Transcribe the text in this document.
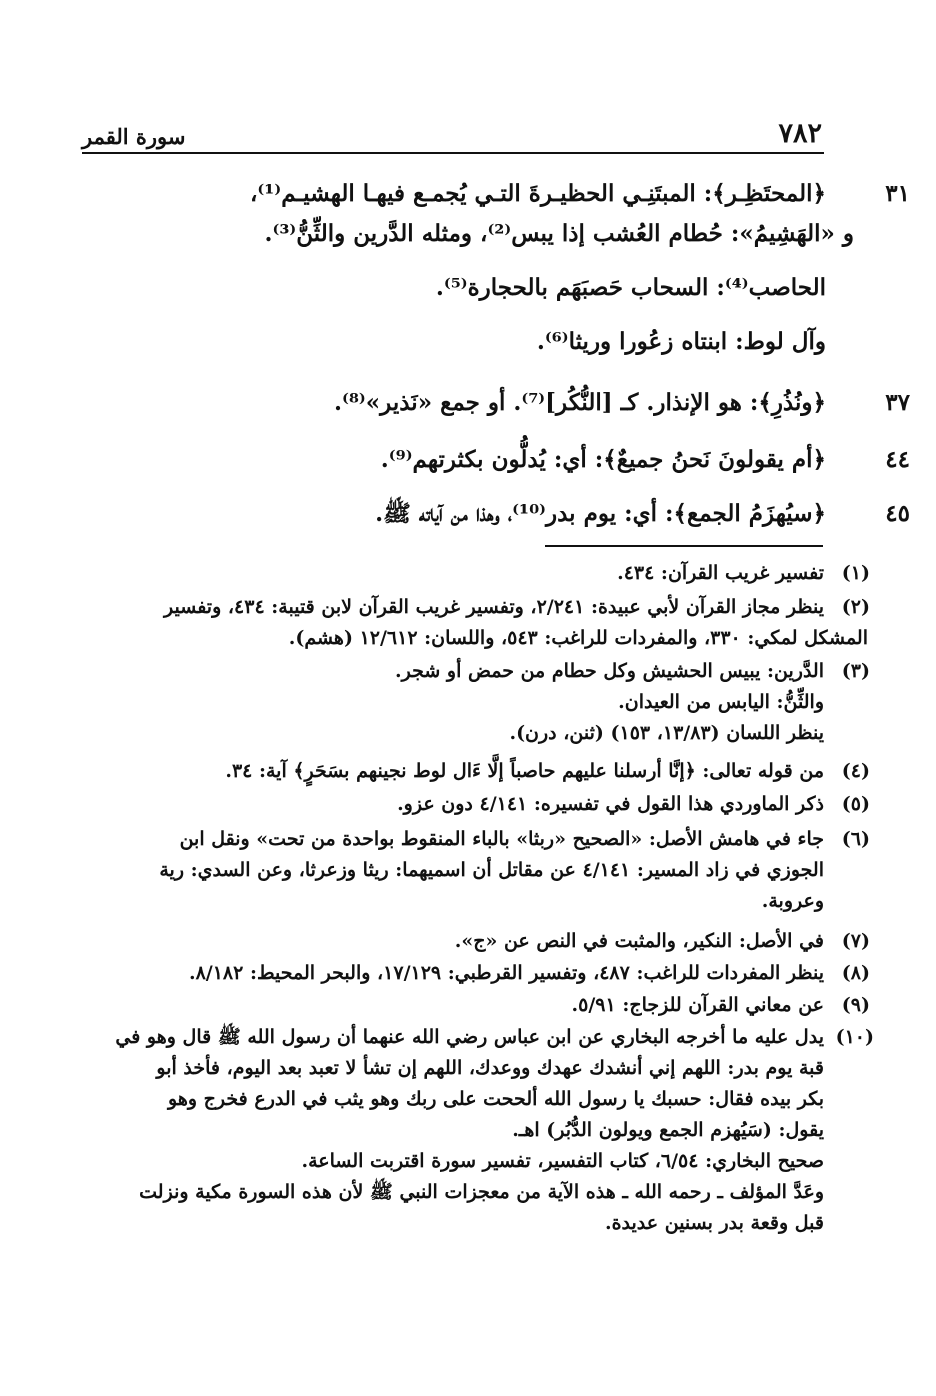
٧٨٢
سورة القمر
٣١
﴿المحتَظِـر﴾: المبتَنِـي الحظيـرةَ التـي يُجمـع فيهـا الهشيـم⁽¹⁾،
و «الهَشِيمُ»: حُطام العُشب إذا يبس⁽²⁾، ومثله الدَّرين والثِّنُّ⁽³⁾.
الحاصب⁽⁴⁾: السحاب حَصبَهَم بالحجارة⁽⁵⁾.
وآل لوط: ابنتاه زعُورا وريثا⁽⁶⁾.
٣٧
﴿ونُذُرِ﴾: هو الإنذار. كـ [النُّكُر]⁽⁷⁾. أو جمع «نَذير»⁽⁸⁾.
٤٤
﴿أم يقولونَ نَحنُ جميعٌ﴾: أي: يُدلُّون بكثرتهم⁽⁹⁾.
٤٥
﴿سيُهزَمُ الجمع﴾: أي: يوم بدر⁽¹⁰⁾، وهذا من آياته ﷺ.
(١)
تفسير غريب القرآن: ٤٣٤.
(٢)
ينظر مجاز القرآن لأبي عبيدة: ٢/٢٤١، وتفسير غريب القرآن لابن قتيبة: ٤٣٤، وتفسير
المشكل لمكي: ٣٣٠، والمفردات للراغب: ٥٤٣، واللسان: ١٢/٦١٢ (هشم).
(٣)
الدَّرين: يبيس الحشيش وكل حطام من حمض أو شجر.
والثِّنُّ: اليابس من العيدان.
ينظر اللسان (١٣/٨٣، ١٥٣) (ثنن، درن).
(٤)
من قوله تعالى: ﴿إنَّا أرسلنا عليهم حاصباً إلَّا ءَال لوط نجينهم بسَحَرٍ﴾ آية: ٣٤.
(٥)
ذكر الماوردي هذا القول في تفسيره: ٤/١٤١ دون عزو.
(٦)
جاء في هامش الأصل: «الصحيح «ربثا» بالباء المنقوط بواحدة من تحت» ونقل ابن
الجوزي في زاد المسير: ٤/١٤١ عن مقاتل أن اسميهما: ريثا وزعرثا، وعن السدي: رية
وعروبة.
(٧)
في الأصل: النكير، والمثبت في النص عن «ج».
(٨)
ينظر المفردات للراغب: ٤٨٧، وتفسير القرطبي: ١٧/١٢٩، والبحر المحيط: ٨/١٨٢.
(٩)
عن معاني القرآن للزجاج: ٥/٩١.
(١٠)
يدل عليه ما أخرجه البخاري عن ابن عباس رضي الله عنهما أن رسول الله ﷺ قال وهو في
قبة يوم بدر: اللهم إني أنشدك عهدك ووعدك، اللهم إن تشأ لا تعبد بعد اليوم، فأخذ أبو
بكر بيده فقال: حسبك يا رسول الله ألححت على ربك وهو يثب في الدرع فخرج وهو
يقول: (سَيُهزم الجمع ويولون الدُّبُر) اهـ.
صحيح البخاري: ٦/٥٤، كتاب التفسير، تفسير سورة اقتربت الساعة.
وعَدَّ المؤلف ـ رحمه الله ـ هذه الآية من معجزات النبي ﷺ لأن هذه السورة مكية ونزلت
قبل وقعة بدر بسنين عديدة.
